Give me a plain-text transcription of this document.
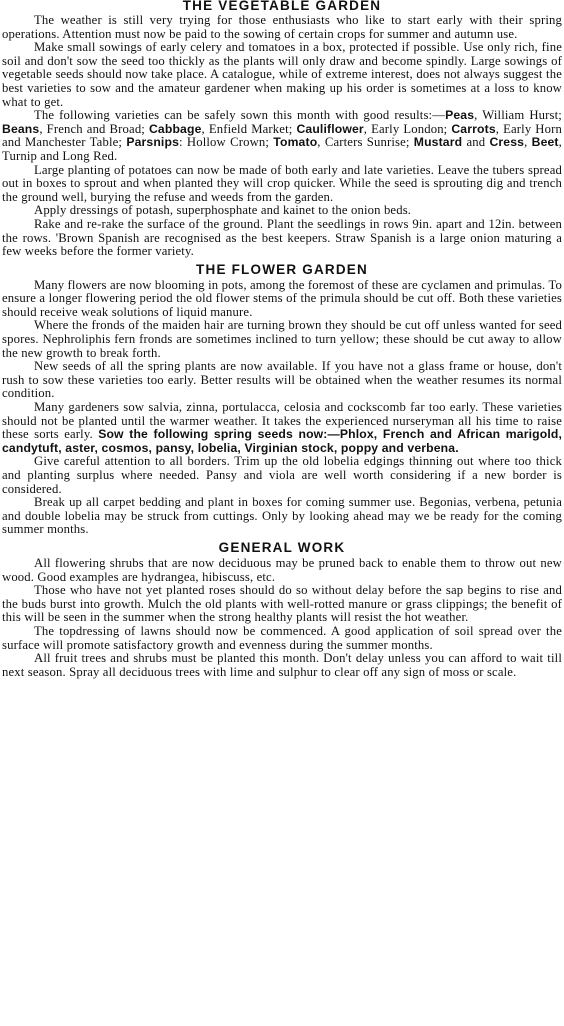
THE VEGETABLE GARDEN

The weather is still very trying for those enthusiasts who like to start early with their spring operations. Attention must now be paid to the sowing of certain crops for summer and autumn use.

Make small sowings of early celery and tomatoes in a box, protected if possible. Use only rich, fine soil and don't sow the seed too thickly as the plants will only draw and become spindly. Large sowings of vegetable seeds should now take place. A catalogue, while of extreme interest, does not always suggest the best varieties to sow and the amateur gardener when making up his order is sometimes at a loss to know what to get.

The following varieties can be safely sown this month with good results:—Peas, William Hurst; Beans, French and Broad; Cabbage, Enfield Market; Cauliflower, Early London; Carrots, Early Horn and Manchester Table; Parsnips: Hollow Crown; Tomato, Carters Sunrise; Mustard and Cress, Beet, Turnip and Long Red.

Large planting of potatoes can now be made of both early and late varieties. Leave the tubers spread out in boxes to sprout and when planted they will crop quicker. While the seed is sprouting dig and trench the ground well, burying the refuse and weeds from the garden.

Apply dressings of potash, superphosphate and kainet to the onion beds.

Rake and re-rake the surface of the ground. Plant the seedlings in rows 9in. apart and 12in. between the rows. 'Brown Spanish are recognised as the best keepers. Straw Spanish is a large onion maturing a few weeks before the former variety.

THE FLOWER GARDEN

Many flowers are now blooming in pots, among the foremost of these are cyclamen and primulas. To ensure a longer flowering period the old flower stems of the primula should be cut off. Both these varieties should receive weak solutions of liquid manure.

Where the fronds of the maiden hair are turning brown they should be cut off unless wanted for seed spores. Nephroliphis fern fronds are sometimes inclined to turn yellow; these should be cut away to allow the new growth to break forth.

New seeds of all the spring plants are now available. If you have not a glass frame or house, don't rush to sow these varieties too early. Better results will be obtained when the weather resumes its normal condition.

Many gardeners sow salvia, zinna, portulacca, celosia and cockscomb far too early. These varieties should not be planted until the warmer weather. It takes the experienced nurseryman all his time to raise these sorts early. Sow the following spring seeds now:—Phlox, French and African marigold, candytuft, aster, cosmos, pansy, lobelia, Virginian stock, poppy and verbena.

Give careful attention to all borders. Trim up the old lobelia edgings thinning out where too thick and planting surplus where needed. Pansy and viola are well worth considering if a new border is considered.

Break up all carpet bedding and plant in boxes for coming summer use. Begonias, verbena, petunia and double lobelia may be struck from cuttings. Only by looking ahead may we be ready for the coming summer months.

GENERAL WORK

All flowering shrubs that are now deciduous may be pruned back to enable them to throw out new wood. Good examples are hydrangea, hibiscuss, etc.

Those who have not yet planted roses should do so without delay before the sap begins to rise and the buds burst into growth. Mulch the old plants with well-rotted manure or grass clippings; the benefit of this will be seen in the summer when the strong healthy plants will resist the hot weather.

The topdressing of lawns should now be commenced. A good application of soil spread over the surface will promote satisfactory growth and evenness during the summer months.

All fruit trees and shrubs must be planted this month. Don't delay unless you can afford to wait till next season. Spray all deciduous trees with lime and sulphur to clear off any sign of moss or scale.
